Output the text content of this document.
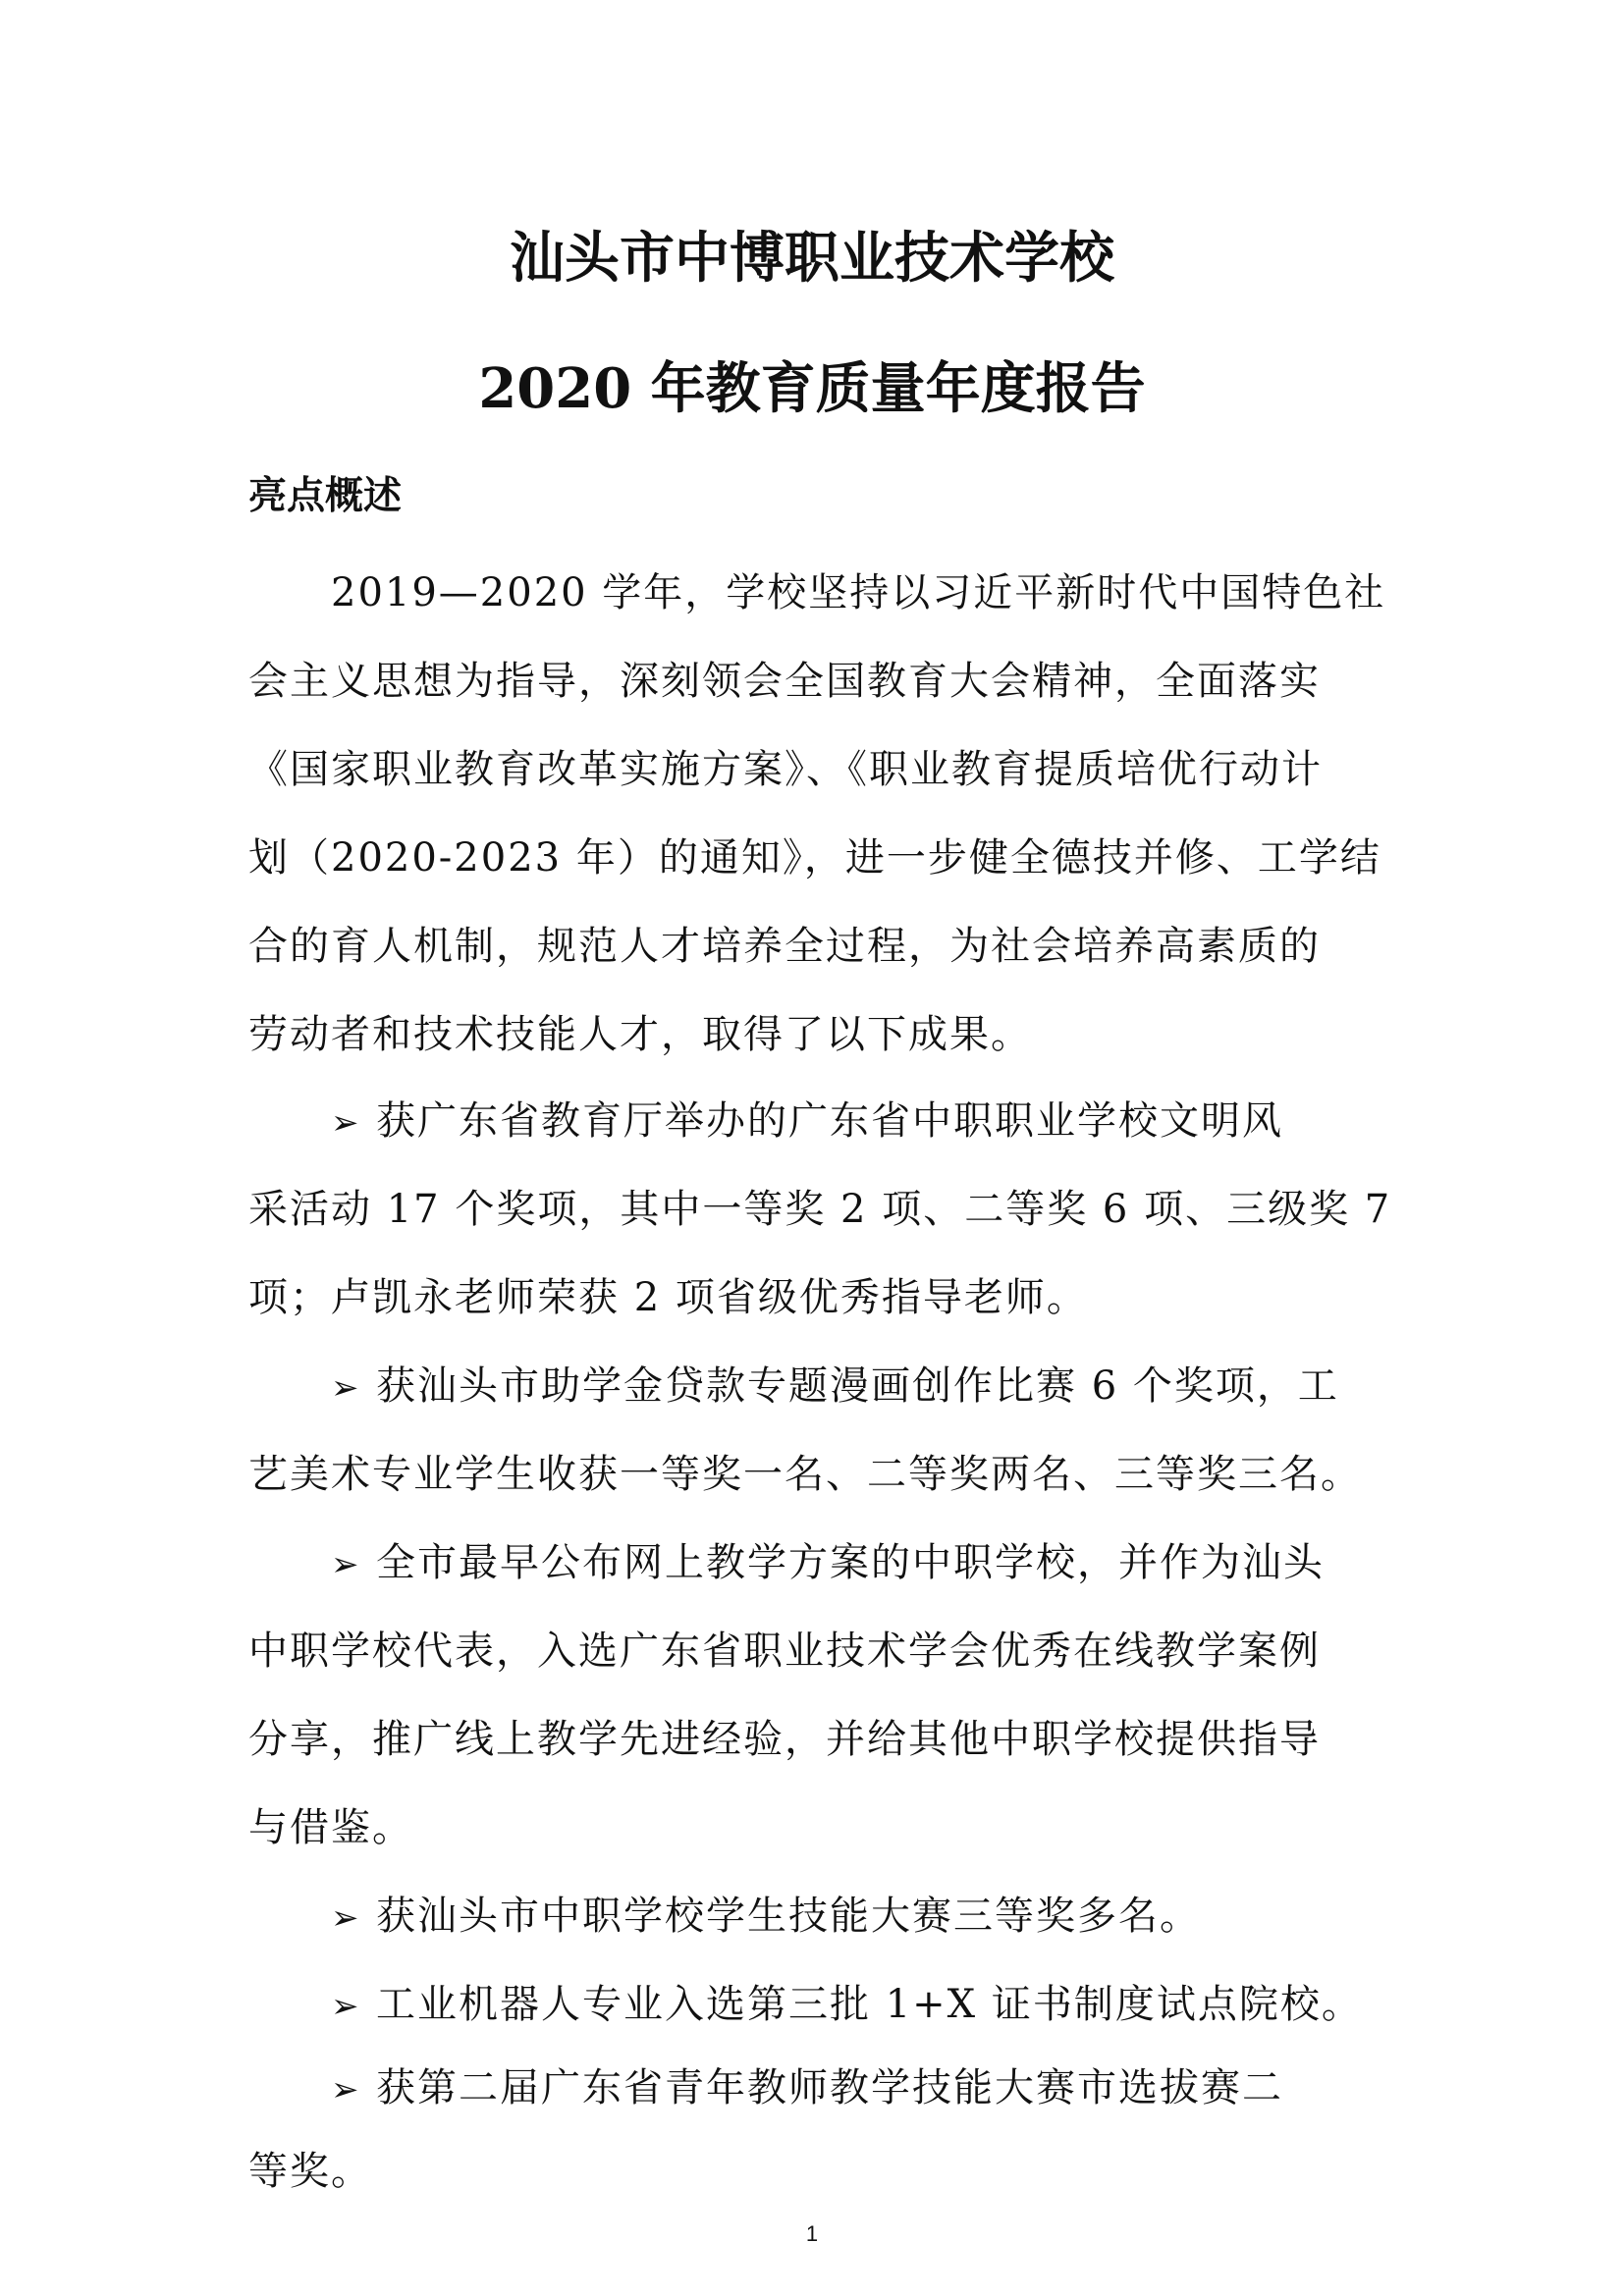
汕头市中博职业技术学校
2020 年教育质量年度报告
亮点概述
2019—2020 学年，学校坚持以习近平新时代中国特色社
会主义思想为指导，深刻领会全国教育大会精神，全面落实
《国家职业教育改革实施方案》、《职业教育提质培优行动计
划（2020-2023 年）的通知》，进一步健全德技并修、工学结
合的育人机制，规范人才培养全过程，为社会培养高素质的
劳动者和技术技能人才，取得了以下成果。
➢ 获广东省教育厅举办的广东省中职职业学校文明风
采活动 17 个奖项，其中一等奖 2 项、二等奖 6 项、三级奖 7
项；卢凯永老师荣获 2 项省级优秀指导老师。
➢ 获汕头市助学金贷款专题漫画创作比赛 6 个奖项，工
艺美术专业学生收获一等奖一名、二等奖两名、三等奖三名。
➢ 全市最早公布网上教学方案的中职学校，并作为汕头
中职学校代表，入选广东省职业技术学会优秀在线教学案例
分享，推广线上教学先进经验，并给其他中职学校提供指导
与借鉴。
➢ 获汕头市中职学校学生技能大赛三等奖多名。
➢ 工业机器人专业入选第三批 1+X 证书制度试点院校。
➢ 获第二届广东省青年教师教学技能大赛市选拔赛二
等奖。
1
